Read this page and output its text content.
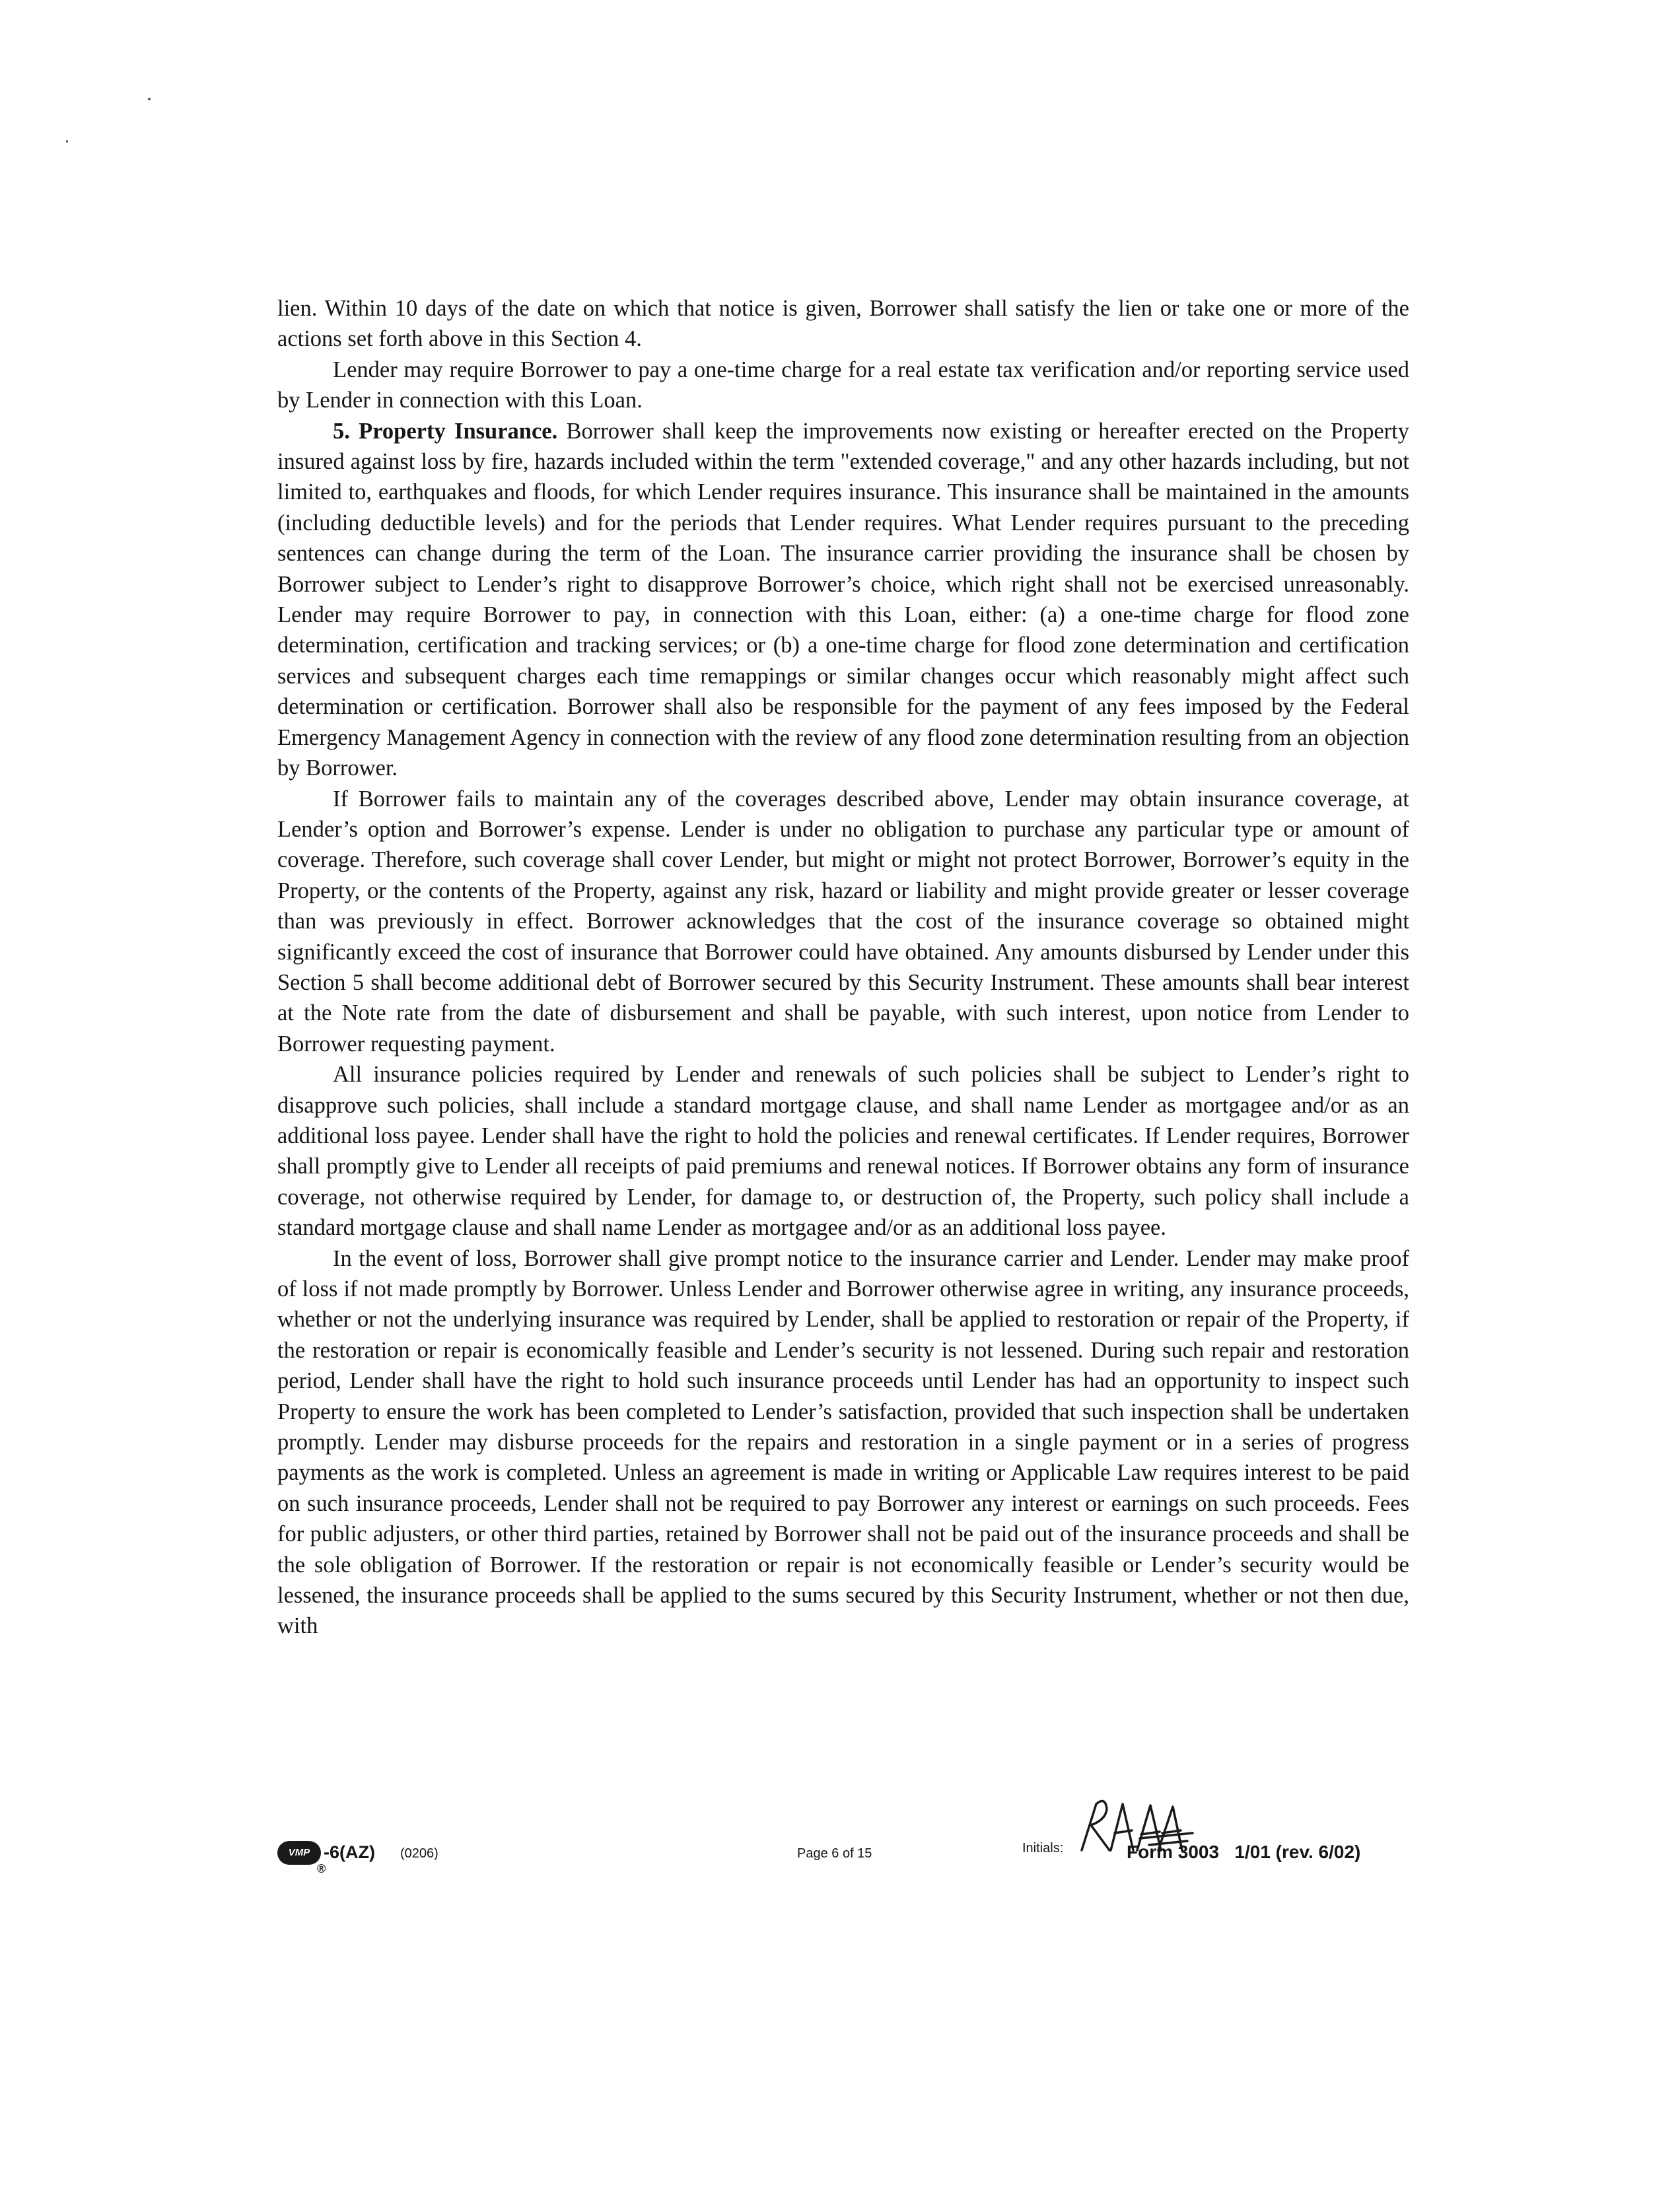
lien. Within 10 days of the date on which that notice is given, Borrower shall satisfy the lien or take one or more of the actions set forth above in this Section 4.

Lender may require Borrower to pay a one-time charge for a real estate tax verification and/or reporting service used by Lender in connection with this Loan.

5. Property Insurance. Borrower shall keep the improvements now existing or hereafter erected on the Property insured against loss by fire, hazards included within the term "extended coverage," and any other hazards including, but not limited to, earthquakes and floods, for which Lender requires insurance. This insurance shall be maintained in the amounts (including deductible levels) and for the periods that Lender requires. What Lender requires pursuant to the preceding sentences can change during the term of the Loan. The insurance carrier providing the insurance shall be chosen by Borrower subject to Lender’s right to disapprove Borrower’s choice, which right shall not be exercised unreasonably. Lender may require Borrower to pay, in connection with this Loan, either: (a) a one-time charge for flood zone determination, certification and tracking services; or (b) a one-time charge for flood zone determination and certification services and subsequent charges each time remappings or similar changes occur which reasonably might affect such determination or certification. Borrower shall also be responsible for the payment of any fees imposed by the Federal Emergency Management Agency in connection with the review of any flood zone determination resulting from an objection by Borrower.

If Borrower fails to maintain any of the coverages described above, Lender may obtain insurance coverage, at Lender’s option and Borrower’s expense. Lender is under no obligation to purchase any particular type or amount of coverage. Therefore, such coverage shall cover Lender, but might or might not protect Borrower, Borrower’s equity in the Property, or the contents of the Property, against any risk, hazard or liability and might provide greater or lesser coverage than was previously in effect. Borrower acknowledges that the cost of the insurance coverage so obtained might significantly exceed the cost of insurance that Borrower could have obtained. Any amounts disbursed by Lender under this Section 5 shall become additional debt of Borrower secured by this Security Instrument. These amounts shall bear interest at the Note rate from the date of disbursement and shall be payable, with such interest, upon notice from Lender to Borrower requesting payment.

All insurance policies required by Lender and renewals of such policies shall be subject to Lender’s right to disapprove such policies, shall include a standard mortgage clause, and shall name Lender as mortgagee and/or as an additional loss payee. Lender shall have the right to hold the policies and renewal certificates. If Lender requires, Borrower shall promptly give to Lender all receipts of paid premiums and renewal notices. If Borrower obtains any form of insurance coverage, not otherwise required by Lender, for damage to, or destruction of, the Property, such policy shall include a standard mortgage clause and shall name Lender as mortgagee and/or as an additional loss payee.

In the event of loss, Borrower shall give prompt notice to the insurance carrier and Lender. Lender may make proof of loss if not made promptly by Borrower. Unless Lender and Borrower otherwise agree in writing, any insurance proceeds, whether or not the underlying insurance was required by Lender, shall be applied to restoration or repair of the Property, if the restoration or repair is economically feasible and Lender’s security is not lessened. During such repair and restoration period, Lender shall have the right to hold such insurance proceeds until Lender has had an opportunity to inspect such Property to ensure the work has been completed to Lender’s satisfaction, provided that such inspection shall be undertaken promptly. Lender may disburse proceeds for the repairs and restoration in a single payment or in a series of progress payments as the work is completed. Unless an agreement is made in writing or Applicable Law requires interest to be paid on such insurance proceeds, Lender shall not be required to pay Borrower any interest or earnings on such proceeds. Fees for public adjusters, or other third parties, retained by Borrower shall not be paid out of the insurance proceeds and shall be the sole obligation of Borrower. If the restoration or repair is not economically feasible or Lender’s security would be lessened, the insurance proceeds shall be applied to the sums secured by this Security Instrument, whether or not then due, with

VMP
®
-6(AZ) (0206)	Page 6 of 15	Initials:	Form 3003   1/01 (rev. 6/02)
